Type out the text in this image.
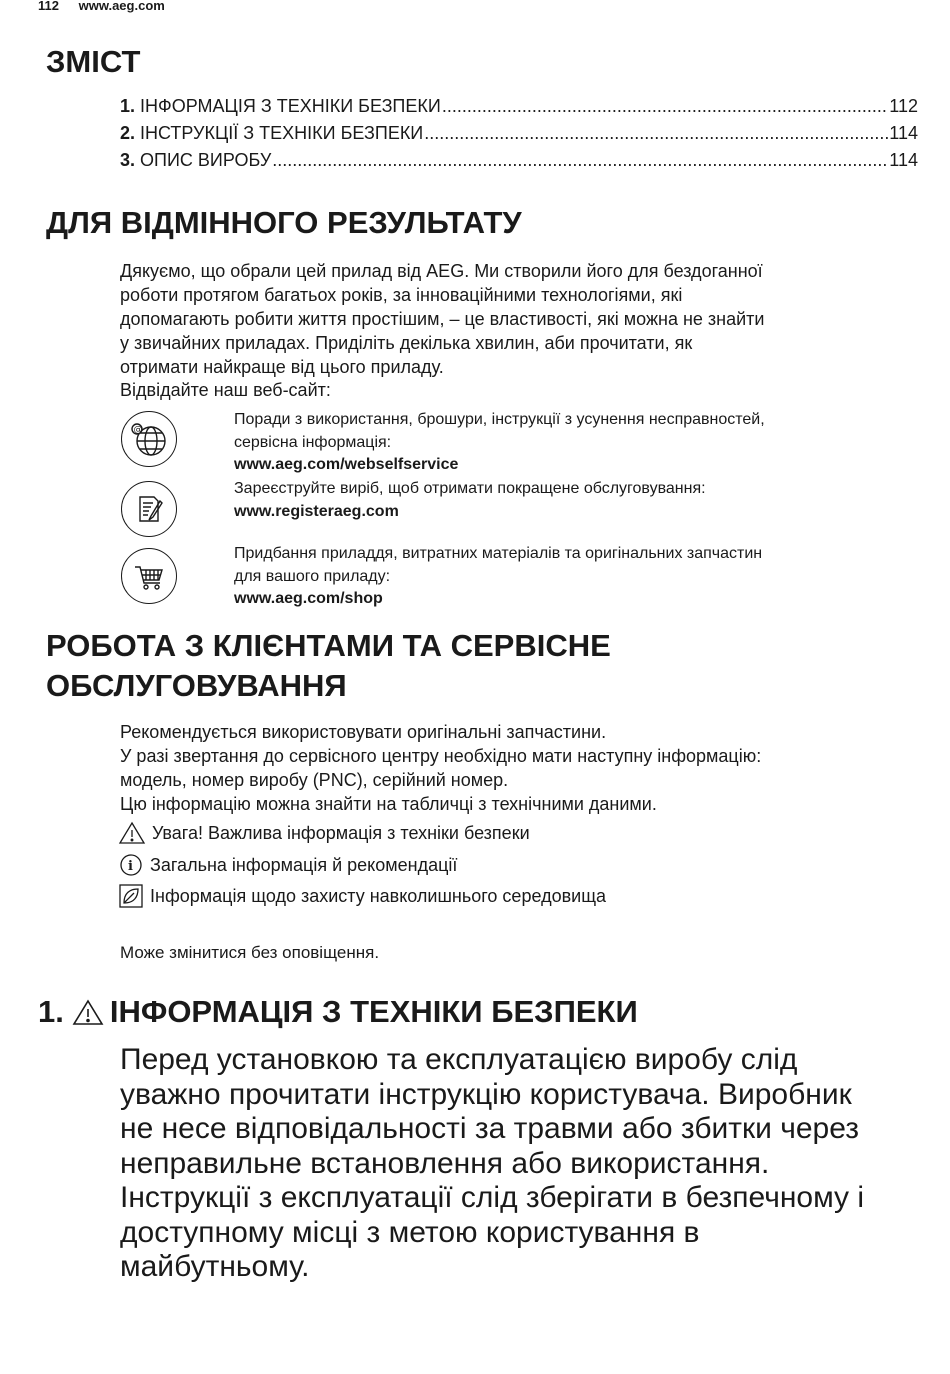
112 www.aeg.com
ЗМІСТ
1.
ІНФОРМАЦІЯ З ТЕХНІКИ БЕЗПЕКИ .....	112
2.
ІНСТРУКЦІЇ З ТЕХНІКИ БЕЗПЕКИ .....	114
3.
ОПИС ВИРОБУ .....	114
ДЛЯ ВІДМІННОГО РЕЗУЛЬТАТУ

Дякуємо, що обрали цей прилад від AEG. Ми створили його для бездоганної

роботи протягом багатьох років, за інноваційними технологіями, які

допомагають робити життя простішим, – це властивості, які можна не знайти

у звичайних приладах. Приділіть декілька хвилин, аби прочитати, як

отримати найкраще від цього приладу.

Відвідайте наш веб-сайт:
@
Поради з використання, брошури, інструкції з усунення несправностей,
сервісна інформація:
www.aeg.com/webselfservice
Зареєструйте виріб, щоб отримати покращене обслуговування:
www.registeraeg.com
Придбання приладдя, витратних матеріалів та оригінальних запчастин
для вашого приладу:
www.aeg.com/shop
РОБОТА З КЛІЄНТАМИ ТА СЕРВІСНЕ
ОБСЛУГОВУВАННЯ

Рекомендується використовувати оригінальні запчастини.

У разі звертання до сервісного центру необхідно мати наступну інформацію:

модель, номер виробу (PNC), серійний номер.

Цю інформацію можна знайти на табличці з технічними даними.

Увага! Важлива інформація з техніки безпеки
i Загальна інформація й рекомендації
Інформація щодо захисту навколишнього середовища
Може змінитися без оповіщення.
1. ІНФОРМАЦІЯ З ТЕХНІКИ БЕЗПЕКИ

Перед установкою та експлуатацією виробу слід

уважно прочитати інструкцію користувача. Виробник

не несе відповідальності за травми або збитки через

неправильне встановлення або використання.

Інструкції з експлуатації слід зберігати в безпечному і

доступному місці з метою користування в

майбутньому.
